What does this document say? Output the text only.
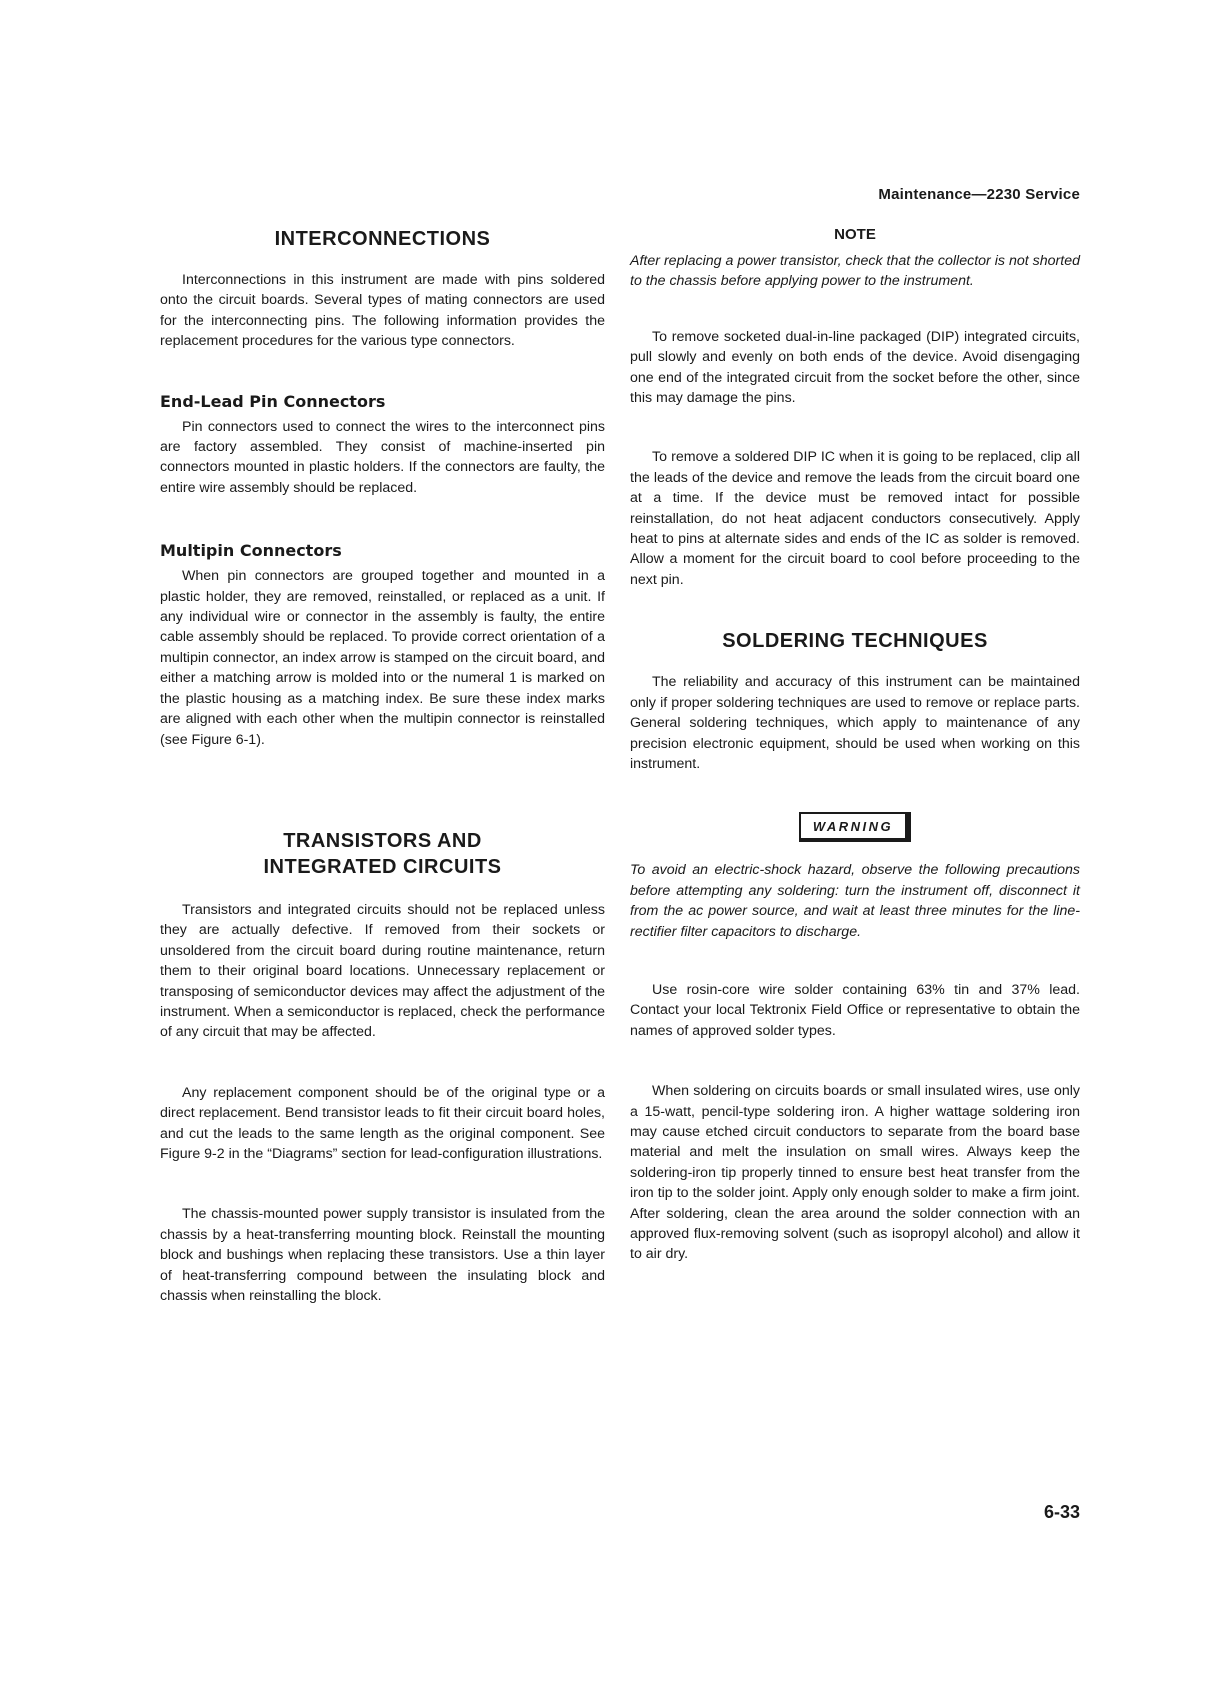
Maintenance—2230 Service
INTERCONNECTIONS

Interconnections in this instrument are made with pins soldered onto the circuit boards. Several types of mating connectors are used for the interconnecting pins. The following information provides the replacement procedures for the various type connectors.

End-Lead Pin Connectors

Pin connectors used to connect the wires to the interconnect pins are factory assembled. They consist of machine-inserted pin connectors mounted in plastic holders. If the connectors are faulty, the entire wire assembly should be replaced.

Multipin Connectors

When pin connectors are grouped together and mounted in a plastic holder, they are removed, reinstalled, or replaced as a unit. If any individual wire or connector in the assembly is faulty, the entire cable assembly should be replaced. To provide correct orientation of a multipin connector, an index arrow is stamped on the circuit board, and either a matching arrow is molded into or the numeral 1 is marked on the plastic housing as a matching index. Be sure these index marks are aligned with each other when the multipin connector is reinstalled (see Figure 6-1).

TRANSISTORS AND
INTEGRATED CIRCUITS

Transistors and integrated circuits should not be replaced unless they are actually defective. If removed from their sockets or unsoldered from the circuit board during routine maintenance, return them to their original board locations. Unnecessary replacement or transposing of semiconductor devices may affect the adjustment of the instrument. When a semiconductor is replaced, check the performance of any circuit that may be affected.

Any replacement component should be of the original type or a direct replacement. Bend transistor leads to fit their circuit board holes, and cut the leads to the same length as the original component. See Figure 9-2 in the “Diagrams” section for lead-configuration illustrations.

The chassis-mounted power supply transistor is insulated from the chassis by a heat-transferring mounting block. Reinstall the mounting block and bushings when replacing these transistors. Use a thin layer of heat-transferring compound between the insulating block and chassis when reinstalling the block.

NOTE

After replacing a power transistor, check that the collector is not shorted to the chassis before applying power to the instrument.

To remove socketed dual-in-line packaged (DIP) integrated circuits, pull slowly and evenly on both ends of the device. Avoid disengaging one end of the integrated circuit from the socket before the other, since this may damage the pins.

To remove a soldered DIP IC when it is going to be replaced, clip all the leads of the device and remove the leads from the circuit board one at a time. If the device must be removed intact for possible reinstallation, do not heat adjacent conductors consecutively. Apply heat to pins at alternate sides and ends of the IC as solder is removed. Allow a moment for the circuit board to cool before proceeding to the next pin.

SOLDERING TECHNIQUES

The reliability and accuracy of this instrument can be maintained only if proper soldering techniques are used to remove or replace parts. General soldering techniques, which apply to maintenance of any precision electronic equipment, should be used when working on this instrument.

WARNING

To avoid an electric-shock hazard, observe the following precautions before attempting any soldering: turn the instrument off, disconnect it from the ac power source, and wait at least three minutes for the line-rectifier filter capacitors to discharge.

Use rosin-core wire solder containing 63% tin and 37% lead. Contact your local Tektronix Field Office or representative to obtain the names of approved solder types.

When soldering on circuits boards or small insulated wires, use only a 15-watt, pencil-type soldering iron. A higher wattage soldering iron may cause etched circuit conductors to separate from the board base material and melt the insulation on small wires. Always keep the soldering-iron tip properly tinned to ensure best heat transfer from the iron tip to the solder joint. Apply only enough solder to make a firm joint. After soldering, clean the area around the solder connection with an approved flux-removing solvent (such as isopropyl alcohol) and allow it to air dry.

6-33
